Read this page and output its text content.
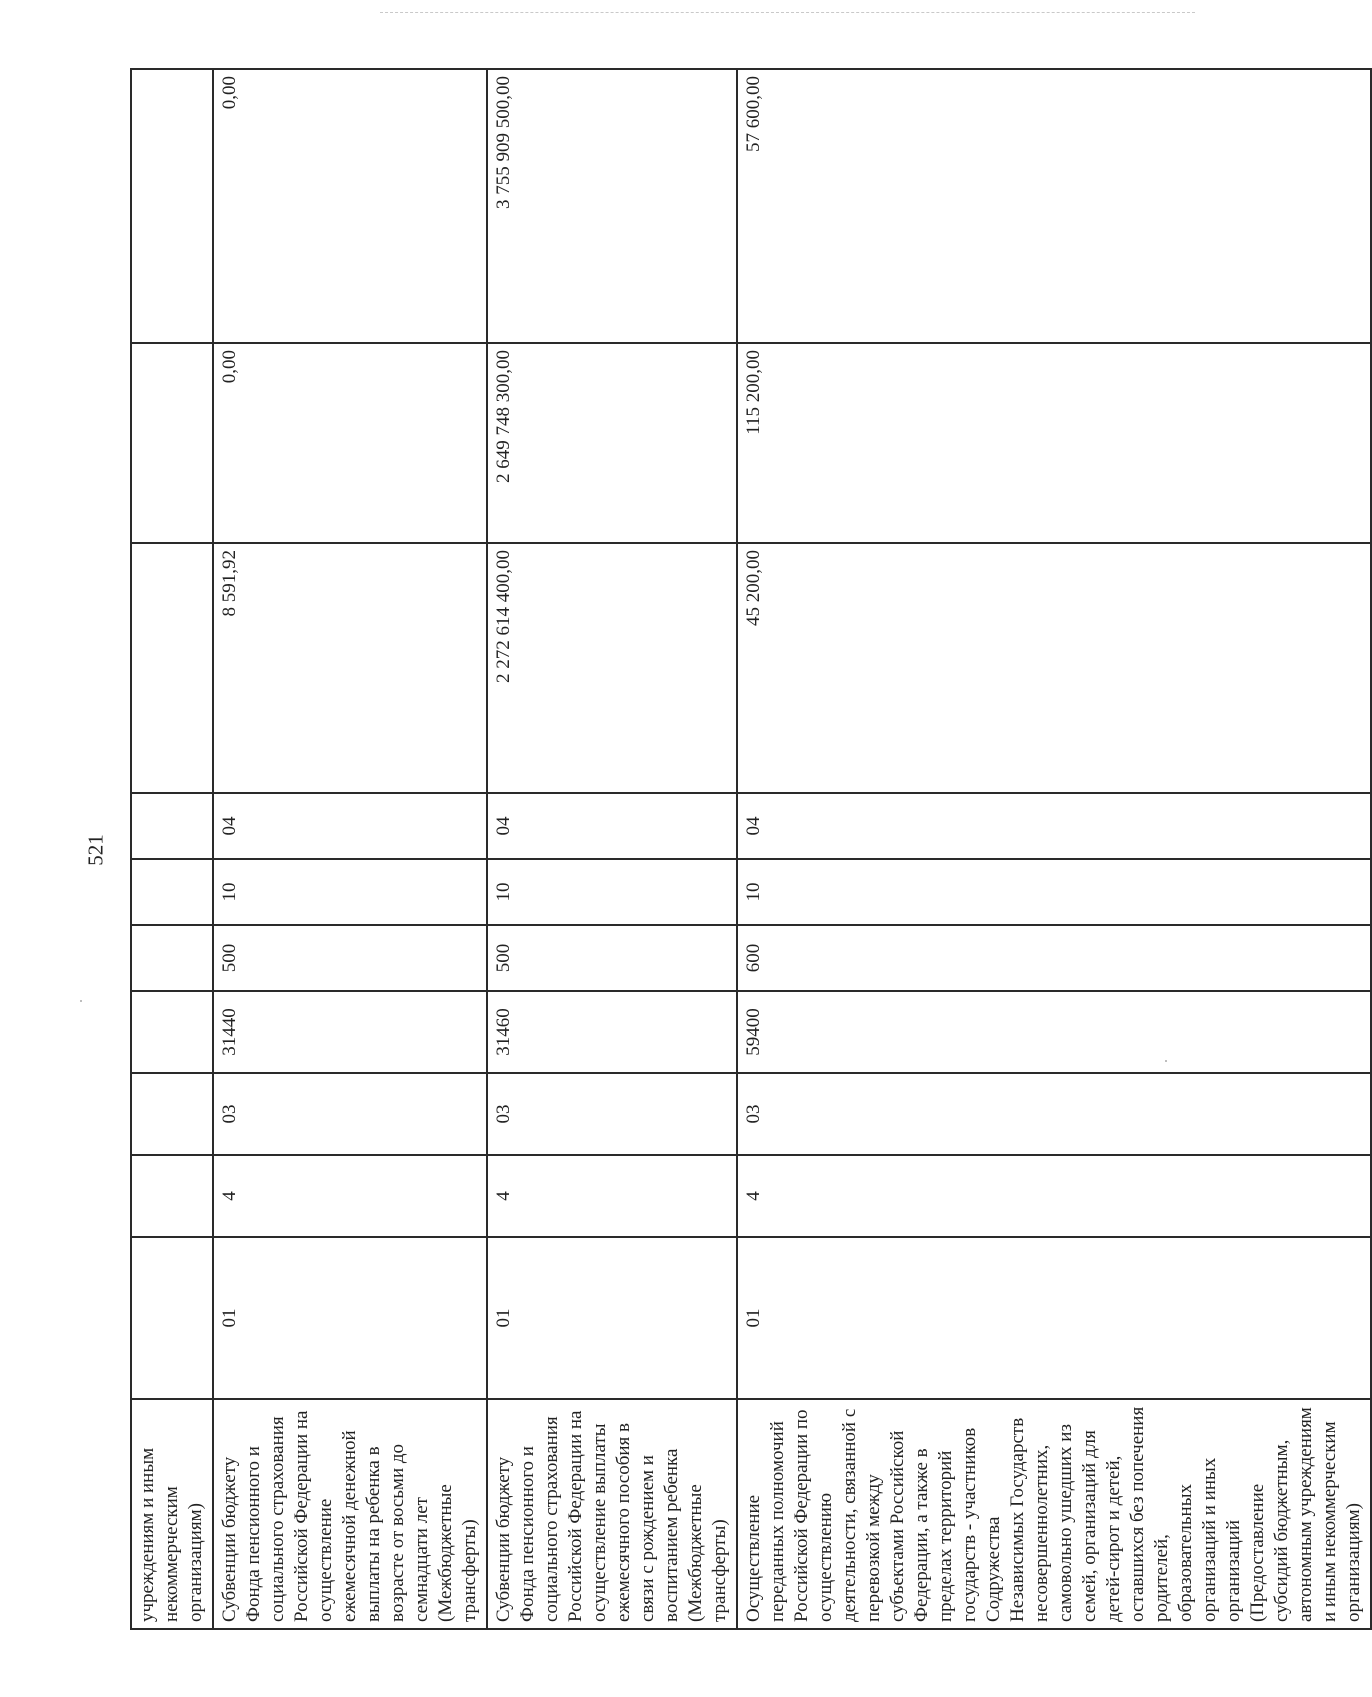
521
учреждениям и иным некоммерческим организациям)										
Субвенции бюджету Фонда пенсионного и социального страхования Российской Федерации на осуществление ежемесячной денежной выплаты на ребенка в возрасте от восьми до семнадцати лет (Межбюджетные трансферты)	01	4	03	31440	500	10	04	8 591,92	0,00	0,00
Субвенции бюджету Фонда пенсионного и социального страхования Российской Федерации на осуществление выплаты ежемесячного пособия в связи с рождением и воспитанием ребенка (Межбюджетные трансферты)	01	4	03	31460	500	10	04	2 272 614 400,00	2 649 748 300,00	3 755 909 500,00
Осуществление переданных полномочий Российской Федерации по осуществлению деятельности, связанной с перевозкой между субъектами Российской Федерации, а также в пределах территорий государств - участников Содружества Независимых Государств несовершеннолетних, самовольно ушедших из семей, организаций для детей-сирот и детей, оставшихся без попечения родителей, образовательных организаций и иных организаций (Предоставление субсидий бюджетным, автономным учреждениям и иным некоммерческим организациям)	01	4	03	59400	600	10	04	45 200,00	115 200,00	57 600,00
